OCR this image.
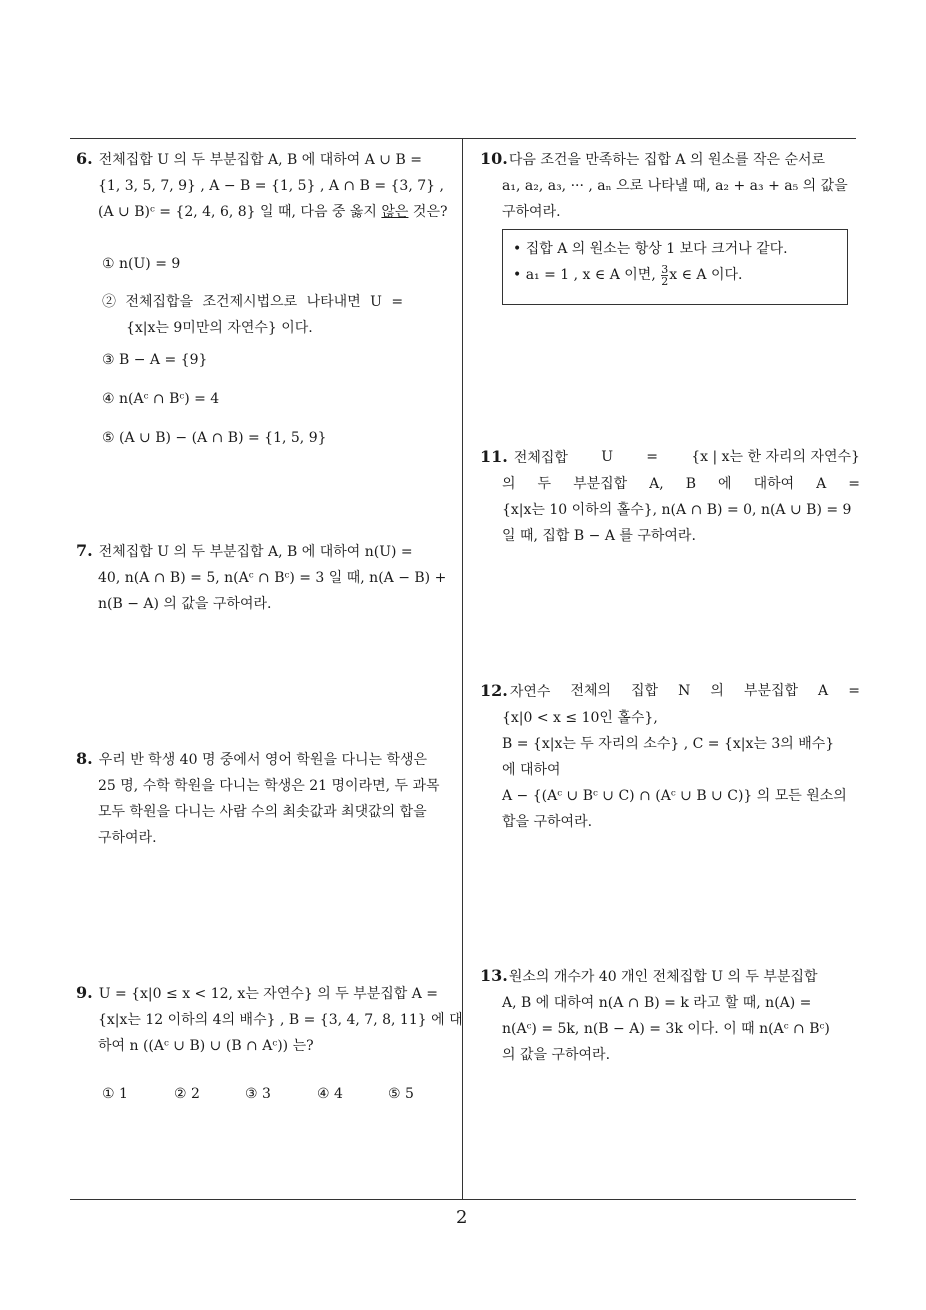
6. 전체집합 U 의 두 부분집합 A, B 에 대하여 A ∪ B =
{1, 3, 5, 7, 9} , A − B = {1, 5} , A ∩ B = {3, 7} ,
(A ∪ B)ᶜ = {2, 4, 6, 8} 일 때, 다음 중 옳지 않은 것은?
① n(U) = 9
② 전체집합을 조건제시법으로 나타내면 U =
{x|x는 9미만의 자연수} 이다.
③ B − A = {9}
④ n(Aᶜ ∩ Bᶜ) = 4
⑤ (A ∪ B) − (A ∩ B) = {1, 5, 9}
7. 전체집합 U 의 두 부분집합 A, B 에 대하여 n(U) =
40, n(A ∩ B) = 5, n(Aᶜ ∩ Bᶜ) = 3 일 때, n(A − B) +
n(B − A) 의 값을 구하여라.
8. 우리 반 학생 40 명 중에서 영어 학원을 다니는 학생은
25 명, 수학 학원을 다니는 학생은 21 명이라면, 두 과목
모두 학원을 다니는 사람 수의 최솟값과 최댓값의 합을
구하여라.
9. U = {x|0 ≤ x < 12, x는 자연수} 의 두 부분집합 A =
{x|x는 12 이하의 4의 배수} , B = {3, 4, 7, 8, 11} 에 대
하여 n ((Aᶜ ∪ B) ∪ (B ∩ Aᶜ)) 는?
① 1	② 2	③ 3	④ 4	⑤ 5
10.다음 조건을 만족하는 집합 A 의 원소를 작은 순서로
a₁, a₂, a₃, ··· , aₙ 으로 나타낼 때, a₂ + a₃ + a₅ 의 값을
구하여라.
• 집합 A 의 원소는 항상 1 보다 크거나 같다.
• a₁ = 1 , x ∈ A 이면, $\frac{3}{2}$ x ∈ A 이다.
11. 전체집합 U = {x | x는 한 자리의 자연수}
의 두 부분집합 A, B 에 대하여 A =
{x|x는 10 이하의 홀수}, n(A ∩ B) = 0, n(A ∪ B) = 9
일 때, 집합 B − A 를 구하여라.
12. 자연수 전체의 집합 N 의 부분집합 A =
{x|0 < x ≤ 10인 홀수},
B = {x|x는 두 자리의 소수} , C = {x|x는 3의 배수}
에 대하여
A − {(Aᶜ ∪ Bᶜ ∪ C) ∩ (Aᶜ ∪ B ∪ C)} 의 모든 원소의
합을 구하여라.
13.원소의 개수가 40 개인 전체집합 U 의 두 부분집합
A, B 에 대하여 n(A ∩ B) = k 라고 할 때, n(A) =
n(Aᶜ) = 5k, n(B − A) = 3k 이다. 이 때 n(Aᶜ ∩ Bᶜ)
의 값을 구하여라.
2
